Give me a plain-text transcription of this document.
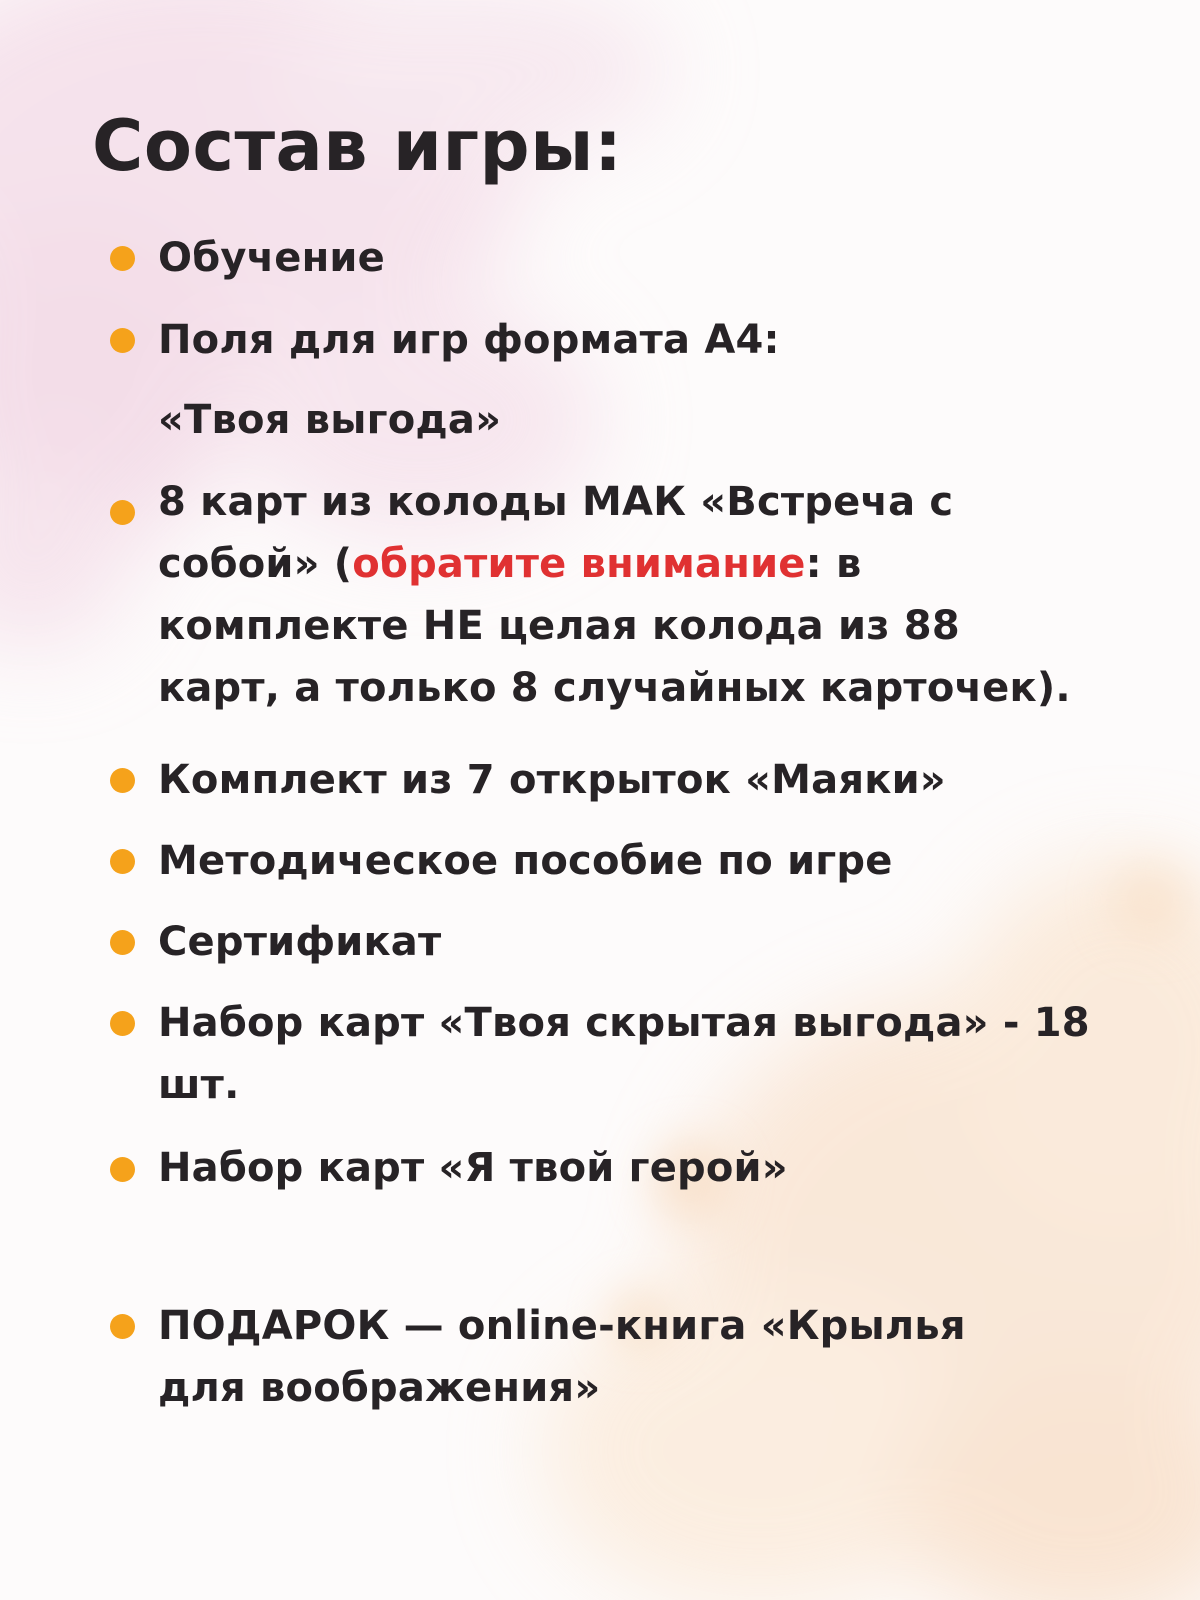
Состав игры:

Обучение

Поля для игр формата А4:

«Твоя выгода»

8 карт из колоды МАК «Встреча с

собой» (обратите внимание: в

комплекте НЕ целая колода из 88

карт, а только 8 случайных карточек).

Комплект из 7 открыток «Маяки»

Методическое пособие по игре

Сертификат

Набор карт «Твоя скрытая выгода» - 18

шт.

Набор карт «Я твой герой»

ПОДАРОК — online-книга «Крылья

для воображения»
